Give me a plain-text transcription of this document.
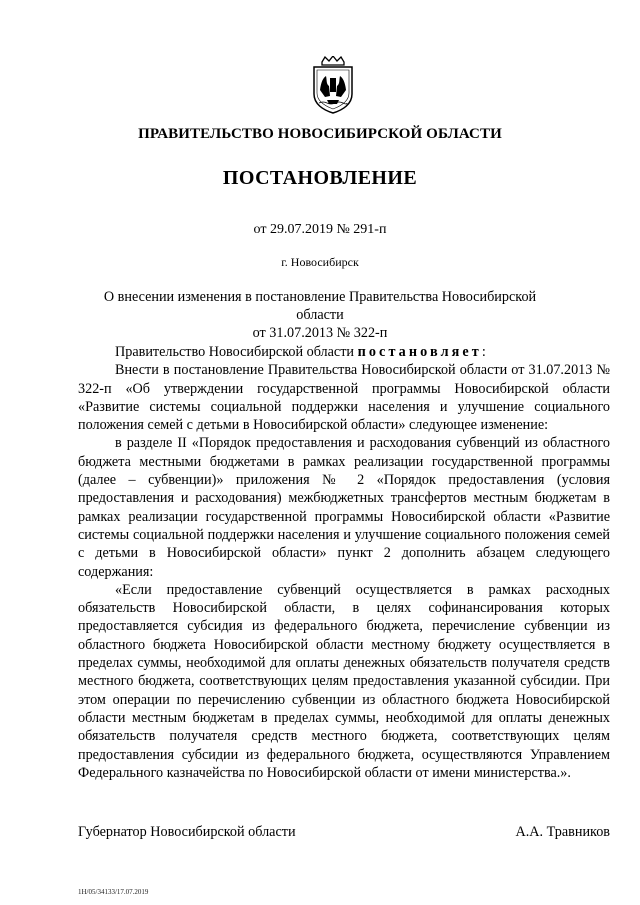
ПРАВИТЕЛЬСТВО НОВОСИБИРСКОЙ ОБЛАСТИ
ПОСТАНОВЛЕНИЕ
от 29.07.2019 № 291-п
г. Новосибирск
О внесении изменения в постановление Правительства Новосибирской области
от 31.07.2013 № 322-п

Правительство Новосибирской области постановляет:

Внести в постановление Правительства Новосибирской области от 31.07.2013 № 322-п «Об утверждении государственной программы Новосибирской области «Развитие системы социальной поддержки населения и улучшение социального положения семей с детьми в Новосибирской области» следующее изменение:

в разделе II «Порядок предоставления и расходования субвенций из областного бюджета местными бюджетами в рамках реализации государственной программы (далее – субвенции)» приложения № 2 «Порядок предоставления (условия предоставления и расходования) межбюджетных трансфертов местным бюджетам в рамках реализации государственной программы Новосибирской области «Развитие системы социальной поддержки населения и улучшение социального положения семей с детьми в Новосибирской области» пункт 2 дополнить абзацем следующего содержания:

«Если предоставление субвенций осуществляется в рамках расходных обязательств Новосибирской области, в целях софинансирования которых предоставляется субсидия из федерального бюджета, перечисление субвенции из областного бюджета Новосибирской области местному бюджету осуществляется в пределах суммы, необходимой для оплаты денежных обязательств получателя средств местного бюджета, соответствующих целям предоставления указанной субсидии. При этом операции по перечислению субвенции из областного бюджета Новосибирской области местным бюджетам в пределах суммы, необходимой для оплаты денежных обязательств получателя средств местного бюджета, соответствующих целям предоставления субсидии из федерального бюджета, осуществляются Управлением Федерального казначейства по Новосибирской области от имени министерства.».

Губернатор Новосибирской области	А.А. Травников
1Н/05/34133/17.07.2019
